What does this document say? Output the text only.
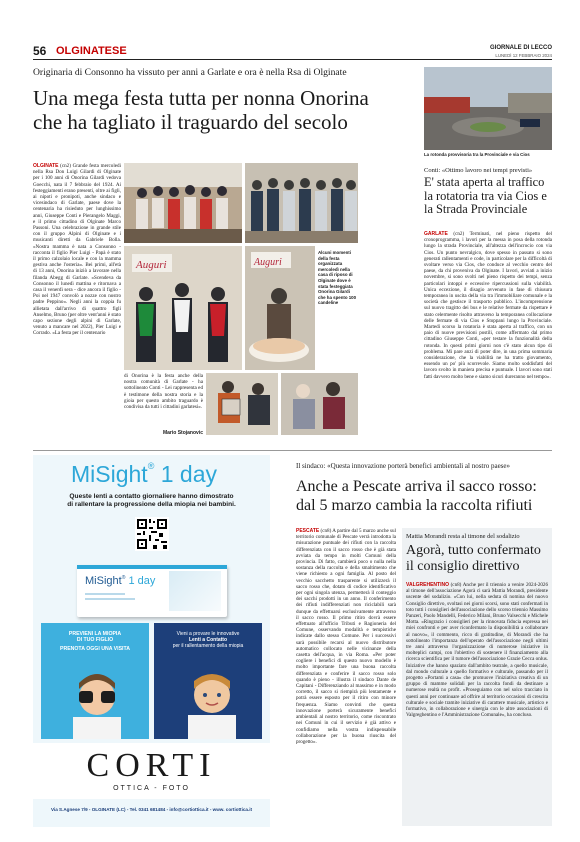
56 OLGINATESE	GIORNALE DI LECCO
LUNEDÌ 12 FEBBRAIO 2024
Originaria di Consonno ha vissuto per anni a Garlate e ora è nella Rsa di Olginate
Una mega festa tutta per nonna Onorina
che ha tagliato il traguardo del secolo

OLGINATE (cn2) Grande festa mercoledì nella Rsa Don Luigi Gilardi di Olginate per i 100 anni di Onorina Gilardi vedova Goecchi, nata il 7 febbraio del 1924. Ai festeggiamenti erano presenti, oltre ai figli, ai nipoti e pronipoti, anche sindaco e vicesindaco di Garlate, paese dove la centenaria ha risieduto per lunghissimo anni, Giuseppe Conti e Pierangelo Maggi, e il primo cittadino di Olginate Marco Passoni. Una celebrazione in grande stile con il gruppo Alpini di Olginate e i musicanti diretti da Gabriele Bolla. «Nostra mamma è nata a Consonno - racconta il figlio Pier Luigi - Papà è stato il primo calzolaio locale e con la mamma gestiva anche l'osteria». Bei primi, all'età di 13 anni, Onorina iniziò a lavorare nella filanda Abegg di Garlate. «Scendeva da Consonno il lunedì mattina e ritornava a casa il venerdì sera - dice ancora il figlio - Poi nel 1947 convolò a nozze con nostro padre Peppino». Negli anni la coppia fu allietata dall'arrivo di quattro figli Anselmo, Bruno (per oltre vent'anni è stato capo sezione degli alpini di Garlate, venuto a mancare nel 2022), Pier Luigi e Corrado. «La festa per il centenario

Auguri	Auguri
Alcuni momenti della festa organizzata mercoledì nella casa di riposo di Olginate dove è stata festeggiata Onorina Gilardi che ha spento 100 candeline

di Onorina è la festa anche della nostra comunità di Garlate - ha sottolineato Conti - Lei rappresenta ed è testimone della nostra storia e la gioia per questo ambito traguardo è condivisa da tutti i cittadini garlatesi».

Mario Stojanovic
La rotonda provvisoria tra la Provinciale e via Cios
Conti: «Ottimo lavoro nei tempi previsti»
E' stata aperta al traffico la rotatoria tra via Cios e la Strada Provinciale

GARLATE (cn2) Terminati, nel pieno rispetto del cronoprogramma, i lavori per la messa in posa della rotonda lungo la strada Provinciale, all'altezza dell'incrocio con via Cios. Un punto nevralgico, dove spesso in passato si sono generati rallentamenti e code, in particolare per la difficoltà di svoltare verso via Cios, che conduce al vecchio centro del paese, da chi proveniva da Olginate. I lavori, avviati a inizio novembre, si sono svolti nel pieno rispetto dei tempi, senza particolari intoppi e eccessive ripercussioni sulla viabilità. Unica eccezione, il disagio avvenuto in fase di chiusura temporanea in uscita della via tra l'immobiliare comunale e la società che gestisce il trasporto pubblico. L'incomprensione sul nuovo tragitto dei bus e le relative fermate da rispettare è stato celermente risolto attraverso la temporanea collocazione delle fermate di via Cios e Stoppani lungo la Provinciale. Martedì scorso la rotatoria è stata aperta al traffico, con un paio di nuove previsioni postili, come affermato dal primo cittadino Giuseppe Conti, «per testare la funzionalità della rotonda. In questi primi giorni non c'è stato alcun tipo di problema. Mi pare anzi di poter dire, in una prima sommaria considerazione, che la viabilità ne ha tratto giovamento, essendo un po' più scorrevole. Siamo molto soddisfatti del lavoro svolto in maniera precisa e puntuale. I lavori sono stati fatti davvero molto bene e siamo sicuri dureranno nel tempo».

MiSight® 1 day
Queste lenti a contatto giornaliere hanno dimostrato
di rallentare la progressione della miopia nei bambini.
MiSight® 1 day
PREVIENI LA MIOPIA
DI TUO FIGLIO
PRENOTA OGGI UNA VISITA
Vieni a provare le innovative
Lenti a Contatto
per il rallentamento della miopia
CORTI
OTTICA - FOTO
Via S.Agnese 7/9 - OLGINATE (LC) - Tel. 0341 681484 - info@cortiottica.it - www. cortiottica.it
Il sindaco: «Questa innovazione porterà benefici ambientali al nostro paese»
Anche a Pescate arriva il sacco rosso:
dal 5 marzo cambia la raccolta rifiuti

PESCATE (cn8) A partire dal 5 marzo anche sul territorio comunale di Pescate verrà introdotta la misurazione puntuale dei rifiuti con la raccolta differenziata con il sacco rosso che è già stata avviata da tempo in molti Comuni della provincia. Di fatto, cambierà poco o nulla nella sostanza della raccolta e della smaltimento che viene richiesto a ogni famiglia. Al posto del vecchio sacchetto trasparente si utilizzerà il sacco rosso che, dotato di codice identificativo per ogni singola utenza, permetterà il conteggio dei sacchi prodotti in un anno. Il conferimento dei rifiuti indifferenziati non riciclabili sarà dunque da effettuarsi esclusivamente attraverso il sacco rosso. Il primo ritiro dovrà essere effettuato all'ufficio Tributi e Ragioneria del Comune, osservando modalità e tempistiche indicate dallo stesso Comune. Per i successivi sarà possibile recarsi al nuovo distributore automatico collocato nelle vicinanze della casetta dell'acqua, in via Roma. «Per poter cogliere i benefici di questo nuovo modello è molto importante fare una buona raccolta differenziata e conferire il sacco rosso solo quando è pieno - illustra il sindaco Dante de Capitani - Differenziando al massimo e in modo corretto, il sacco si riempirà più lentamente e potrà essere esposto per il ritiro con minore frequenza. Siamo convinti che questa innovazione porterà sicuramente benefici ambientali al nostro territorio, come riscontrato nei Comuni in cui il servizio è già attivo e confidiamo nella vostra indispensabile collaborazione per la buona riuscita del progetto».

Mattia Morandi resta al timone del sodalizio
Agorà, tutto confermato il consiglio direttivo

VALGREHENTINO (cn8) Anche per il triennio a venire 2024-2026 al timone dell'associazione Agorà ci sarà Mattia Morandi, presidente uscente del sodalizio. «Con lui, nella seduta di nomina del nuovo Consiglio direttivo, svoltasi nei giorni scorsi, sono stati confermati in toto tutti i consiglieri dell'associazione dello scorso triennio Massimo Panzeri, Paolo Mandelli, Federico Milani, Bruno Valsecchi e Michele Motta. «Ringrazio i consiglieri per la rinnovata fiducia espressa nei miei confronti e per aver riconfermato la disponibilità a collaborare al nuovo», il commento, ricco di gratitudine, di Morandi che ha sottolineato l'importanza dell'operato dell'associazione negli ultimi tre anni attraverso l'organizzazione di numerose iniziative in molteplici campi, con l'obiettivo di sostenere il finanziamento alla ricerca scientifica per il tumore dell'associazione Grazie Cecca onlus. Iniziative che hanno spaziato dall'ambito teatrale, a quello musicale, dal mondo culturale a quello formativo e culturale, passando per il progetto «Portami a casa» che promuove l'iniziativa creativa di un gruppo di mamme solidali per la raccolta fondi da destinare a numerose realtà no profit. «Proseguiamo con nel solco tracciato in questi anni per continuare ad offrire al territorio occasioni di crescita culturale e sociale tramite iniziative di carattere musicale, artistico e formativo, in collaborazione e sinergia con le altre associazioni di Valgreghentino e l'Amministrazione Comunale», ha concluso.
